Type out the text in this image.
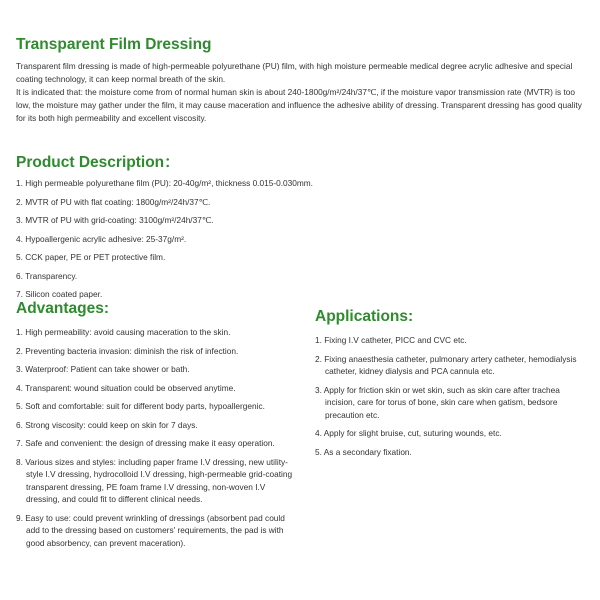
Transparent Film Dressing

Transparent film dressing is made of high-permeable polyurethane (PU) film, with high moisture permeable medical degree acrylic adhesive and special coating technology, it can keep normal breath of the skin.

It is indicated that: the moisture come from of normal human skin is about 240-1800g/m²/24h/37℃, if the moisture vapor transmission rate (MVTR) is too low, the moisture may gather under the film, it may cause maceration and influence the adhesive ability of dressing. Transparent dressing has good quality for its both high permeability and excellent viscosity.

Product Description：
1. High permeable polyurethane film (PU): 20-40g/m², thickness 0.015-0.030mm.
2. MVTR of PU with flat coating: 1800g/m²/24h/37℃.
3. MVTR of PU with grid-coating: 3100g/m²/24h/37℃.
4. Hypoallergenic acrylic adhesive: 25-37g/m².
5. CCK paper, PE or PET protective film.
6. Transparency.
7. Silicon coated paper.
Advantages:
1. High permeability: avoid causing maceration to the skin.
2. Preventing bacteria invasion: diminish the risk of infection.
3. Waterproof: Patient can take shower or bath.
4. Transparent: wound situation could be observed anytime.
5. Soft and comfortable: suit for different body parts, hypoallergenic.
6. Strong viscosity: could keep on skin for 7 days.
7. Safe and convenient: the design of dressing make it easy operation.
8. Various sizes and styles: including paper frame I.V dressing, new utility-style I.V dressing, hydrocolloid I.V dressing, high-permeable grid-coating transparent dressing, PE foam frame I.V dressing, non-woven I.V dressing, and could fit to different clinical needs.
9. Easy to use: could prevent wrinkling of dressings (absorbent pad could add to the dressing based on customers' requirements, the pad is with good absorbency, can prevent maceration).
Applications:
1. Fixing I.V catheter, PICC and CVC etc.
2. Fixing anaesthesia catheter, pulmonary artery catheter, hemodialysis catheter, kidney dialysis and PCA cannula etc.
3. Apply for friction skin or wet skin, such as skin care after trachea incision, care for torus of bone, skin care when gatism, bedsore precaution etc.
4. Apply for slight bruise, cut, suturing wounds, etc.
5. As a secondary fixation.
